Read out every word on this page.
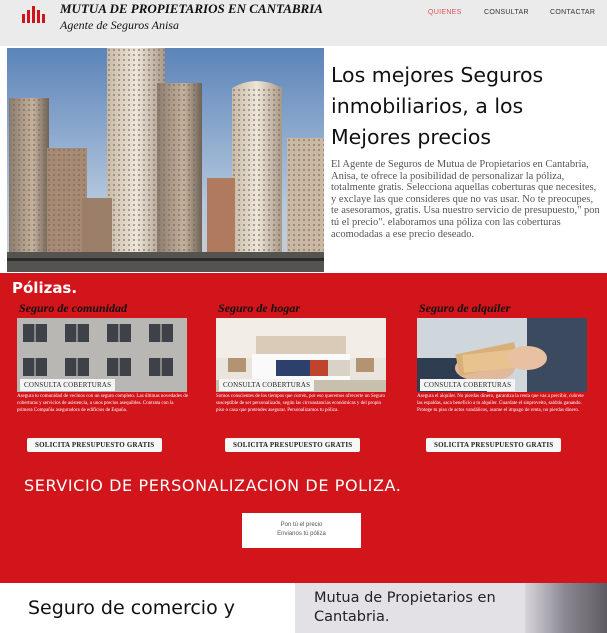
MUTUA DE PROPIETARIOS EN CANTABRIA
Agente de Seguros Anisa
QUIENES	CONSULTAR	CONTACTAR
Los mejores Seguros inmobiliarios, a los Mejores precios

El Agente de Seguros de Mutua de Propietarios en Cantabria, Anisa, te ofrece la posibilidad de personalizar la póliza, totalmente gratis. Selecciona aquellas coberturas que necesites, y exclaye las que consideres que no vas usar. No te preocupes, te asesoramos, gratis. Usa nuestro servicio de presupuesto," pon tú el precio". elaboramos una póliza con las coberturas acomodadas a ese precio deseado.

Pólizas.
Seguro de comunidad
CONSULTA COBERTURAS
Asegura tu comunidad de vecinos con un seguro completo. Las últimas novedades de coberturas y servicios de asistencia, a unos precios asequibles. Contrata con la primera Compañía aseguradora de edificios de España.
SOLICITA PRESUPUESTO GRATIS
Seguro de hogar
CONSULTA COBERTURAS
Somos conscientes de los tiempos que corren, por eso queremos ofrecerte un Seguro susceptible de ser personalizado, según las circunstancias económicas y del propio piso o casa que pretendes asegurar. Personalizamos tu póliza.
SOLICITA PRESUPUESTO GRATIS
Seguro de alquiler
CONSULTA COBERTURAS
Asegura el alquiler. No pierdas dinero, garantiza la renta que vas a percibir, cubrete las espaldas, saca beneficio a tu alquiler. Guardate el sinproveito, saldrás ganando. Protege tu piso de actos vandálicos, asume el impago de renta, no pierdas dinero.
SOLICITA PRESUPUESTO GRATIS
SERVICIO DE PERSONALIZACION DE POLIZA.
Pon tú el precio
Envianos tú póliza
Seguro de comercio y	Mutua de Propietarios en Cantabria.
